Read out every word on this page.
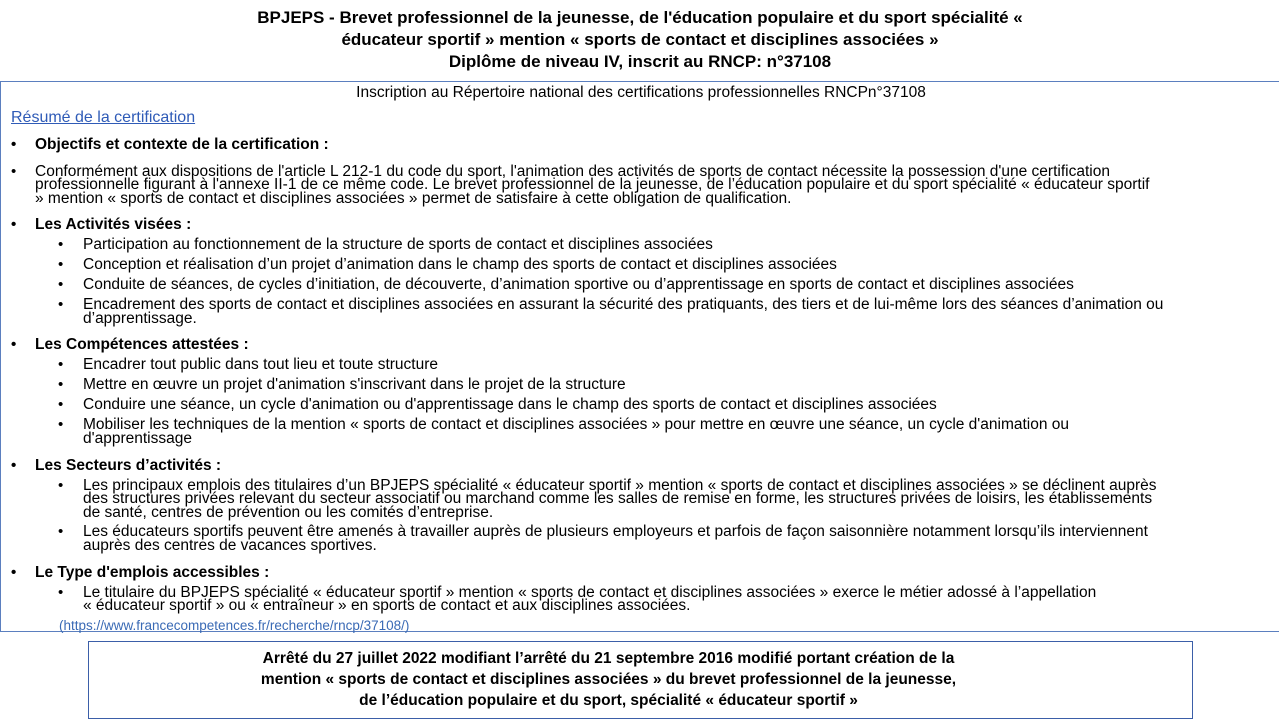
BPJEPS - Brevet professionnel de la jeunesse, de l'éducation populaire et du sport spécialité «
éducateur sportif » mention « sports de contact et disciplines associées »
Diplôme de niveau IV, inscrit au RNCP: n°37108
Inscription au Répertoire national des certifications professionnelles RNCPn°37108
Résumé de la certification
• Objectifs et contexte de la certification :
• Conformément aux dispositions de l'article L 212-1 du code du sport, l'animation des activités de sports de contact nécessite la possession d'une certification
professionnelle figurant à l'annexe II-1 de ce même code. Le brevet professionnel de la jeunesse, de l’éducation populaire et du sport spécialité « éducateur sportif
» mention « sports de contact et disciplines associées » permet de satisfaire à cette obligation de qualification.
• Les Activités visées :
• Participation au fonctionnement de la structure de sports de contact et disciplines associées
• Conception et réalisation d’un projet d’animation dans le champ des sports de contact et disciplines associées
• Conduite de séances, de cycles d’initiation, de découverte, d’animation sportive ou d’apprentissage en sports de contact et disciplines associées
• Encadrement des sports de contact et disciplines associées en assurant la sécurité des pratiquants, des tiers et de lui-même lors des séances d’animation ou
d’apprentissage.
• Les Compétences attestées :
• Encadrer tout public dans tout lieu et toute structure
• Mettre en œuvre un projet d'animation s'inscrivant dans le projet de la structure
• Conduire une séance, un cycle d'animation ou d'apprentissage dans le champ des sports de contact et disciplines associées
• Mobiliser les techniques de la mention « sports de contact et disciplines associées » pour mettre en œuvre une séance, un cycle d'animation ou
d'apprentissage
• Les Secteurs d’activités :
• Les principaux emplois des titulaires d’un BPJEPS spécialité « éducateur sportif » mention « sports de contact et disciplines associées » se déclinent auprès
des structures privées relevant du secteur associatif ou marchand comme les salles de remise en forme, les structures privées de loisirs, les établissements
de santé, centres de prévention ou les comités d’entreprise.
• Les éducateurs sportifs peuvent être amenés à travailler auprès de plusieurs employeurs et parfois de façon saisonnière notamment lorsqu’ils interviennent
auprès des centres de vacances sportives.
• Le Type d'emplois accessibles :
• Le titulaire du BPJEPS spécialité « éducateur sportif » mention « sports de contact et disciplines associées » exerce le métier adossé à l’appellation
« éducateur sportif » ou « entraîneur » en sports de contact et aux disciplines associées.
(https://www.francecompetences.fr/recherche/rncp/37108/)
Arrêté du 27 juillet 2022 modifiant l’arrêté du 21 septembre 2016 modifié portant création de la
mention « sports de contact et disciplines associées » du brevet professionnel de la jeunesse,
de l’éducation populaire et du sport, spécialité « éducateur sportif »
